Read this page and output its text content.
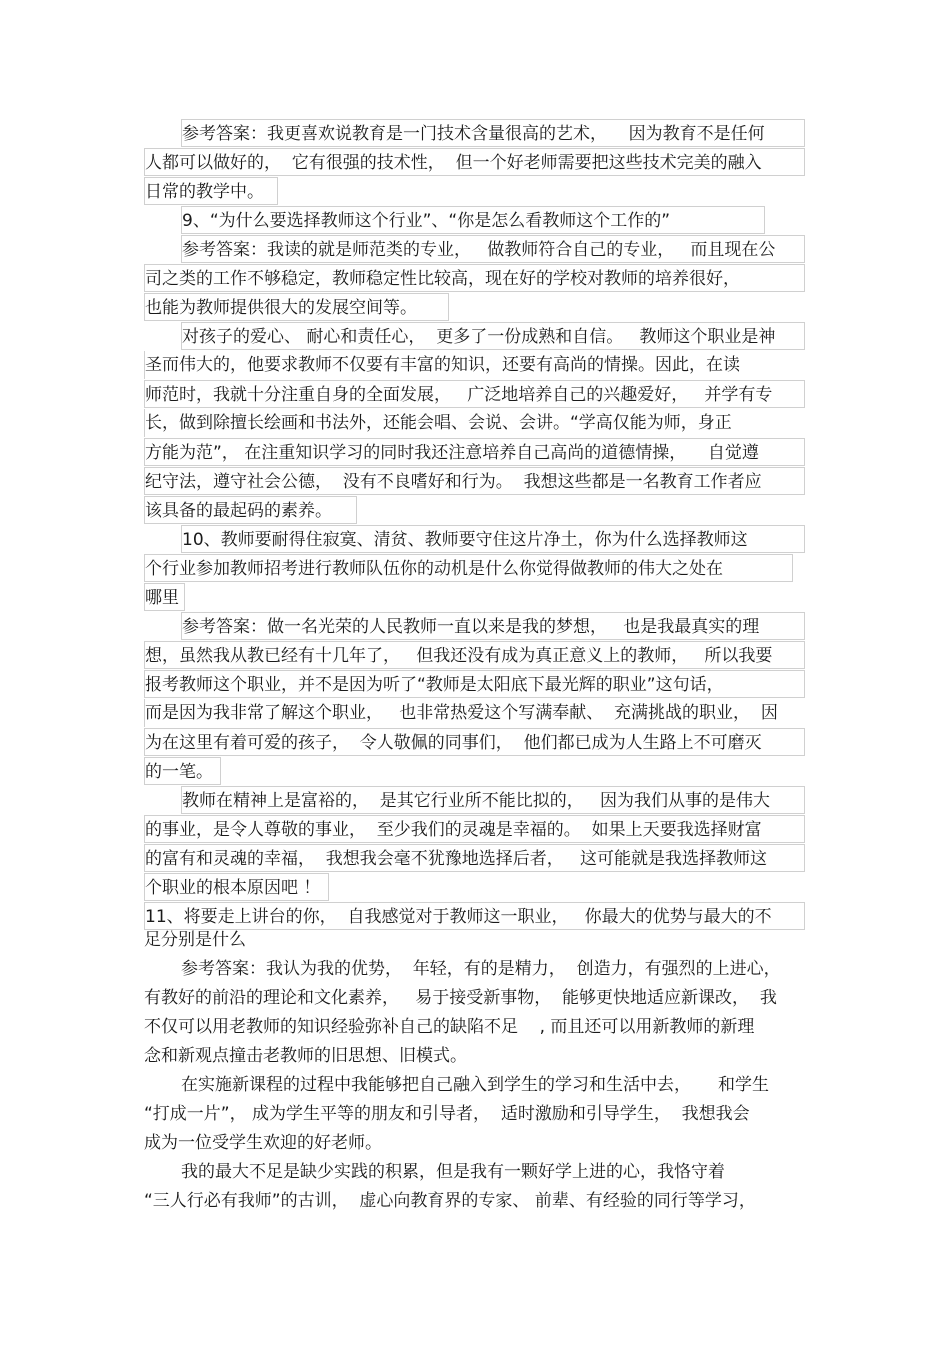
参考答案：我更喜欢说教育是一门技术含量很高的艺术，    因为教育不是任何
人都可以做好的，  它有很强的技术性，  但一个好老师需要把这些技术完美的融入
日常的教学中。
9、“为什么要选择教师这个行业”、“你是怎么看教师这个工作的”
参考答案：我读的就是师范类的专业，   做教师符合自己的专业，   而且现在公
司之类的工作不够稳定，教师稳定性比较高，现在好的学校对教师的培养很好，
也能为教师提供很大的发展空间等。
对孩子的爱心、 耐心和责任心，  更多了一份成熟和自信。   教师这个职业是神
圣而伟大的，他要求教师不仅要有丰富的知识，还要有高尚的情操。因此，在读
师范时，我就十分注重自身的全面发展，   广泛地培养自己的兴趣爱好，   并学有专
长，做到除擅长绘画和书法外，还能会唱、会说、会讲。“学高仅能为师，身正
方能为范”， 在注重知识学习的同时我还注意培养自己高尚的道德情操，    自觉遵
纪守法，遵守社会公德，  没有不良嗜好和行为。  我想这些都是一名教育工作者应
该具备的最起码的素养。
10、教师要耐得住寂寞、清贫、教师要守住这片净土，你为什么选择教师这
个行业参加教师招考进行教师队伍你的动机是什么你觉得做教师的伟大之处在
哪里
参考答案：做一名光荣的人民教师一直以来是我的梦想，   也是我最真实的理
想，虽然我从教已经有十几年了，   但我还没有成为真正意义上的教师，   所以我要
报考教师这个职业，并不是因为听了“教师是太阳底下最光辉的职业”这句话，
而是因为我非常了解这个职业，   也非常热爱这个写满奉献、  充满挑战的职业，  因
为在这里有着可爱的孩子，  令人敬佩的同事们，  他们都已成为人生路上不可磨灭
的一笔。
教师在精神上是富裕的，  是其它行业所不能比拟的，   因为我们从事的是伟大
的事业，是令人尊敬的事业，  至少我们的灵魂是幸福的。  如果上天要我选择财富
的富有和灵魂的幸福，  我想我会毫不犹豫地选择后者，   这可能就是我选择教师这
个职业的根本原因吧 ！
11、将要走上讲台的你，  自我感觉对于教师这一职业，   你最大的优势与最大的不
足分别是什么
参考答案：我认为我的优势，  年轻，有的是精力，  创造力，有强烈的上进心，
有教好的前沿的理论和文化素养，   易于接受新事物，  能够更快地适应新课改，  我
不仅可以用老教师的知识经验弥补自己的缺陷不足    , 而且还可以用新教师的新理
念和新观点撞击老教师的旧思想、旧模式。
在实施新课程的过程中我能够把自己融入到学生的学习和生活中去，     和学生
“打成一片”， 成为学生平等的朋友和引导者，  适时激励和引导学生，  我想我会
成为一位受学生欢迎的好老师。
我的最大不足是缺少实践的积累，但是我有一颗好学上进的心，我恪守着
“三人行必有我师”的古训，  虚心向教育界的专家、 前辈、有经验的同行等学习，
